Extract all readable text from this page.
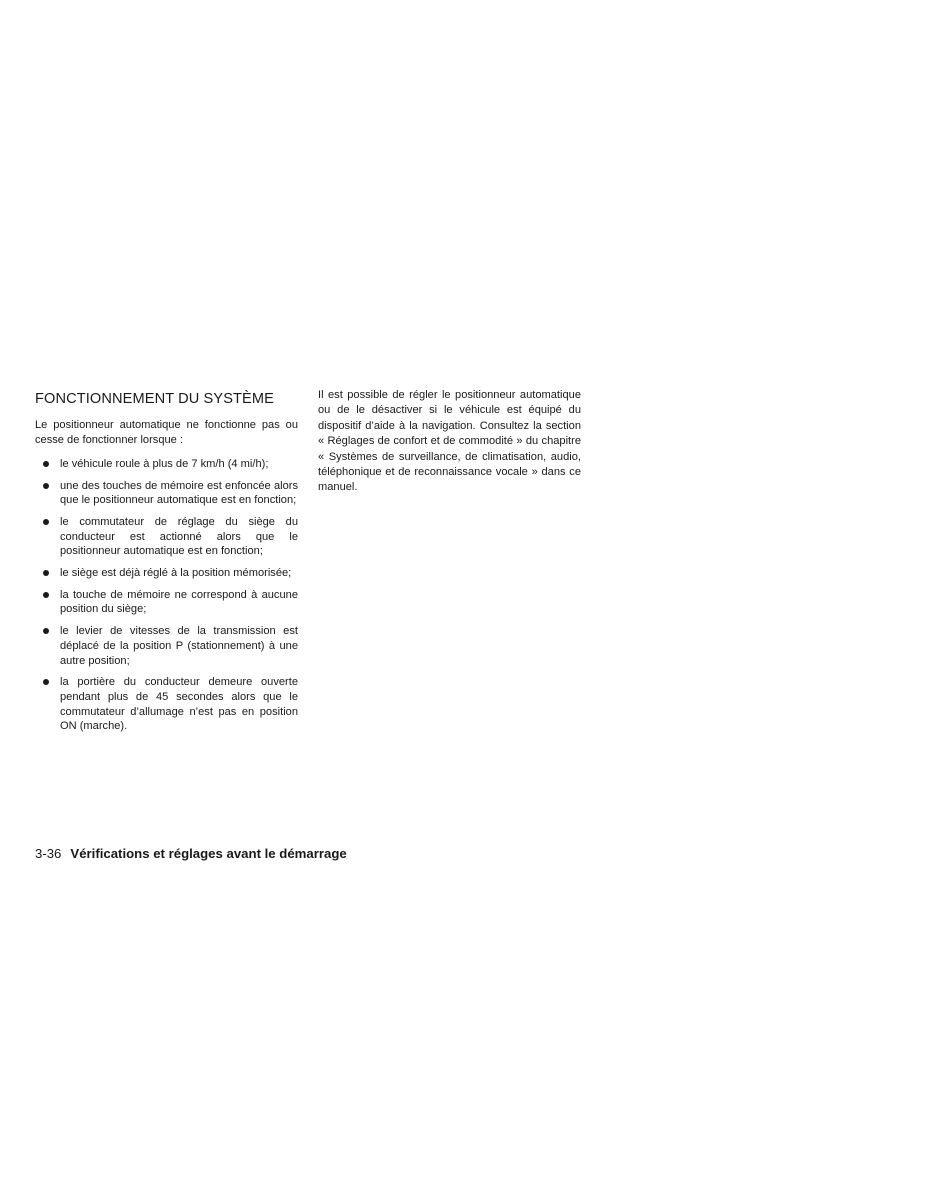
FONCTIONNEMENT DU SYSTÈME

Le positionneur automatique ne fonctionne pas ou cesse de fonctionner lorsque :

le véhicule roule à plus de 7 km/h (4 mi/h);
une des touches de mémoire est enfoncée alors que le positionneur automatique est en fonction;
le commutateur de réglage du siège du conducteur est actionné alors que le positionneur automatique est en fonction;
le siège est déjà réglé à la position mémorisée;
la touche de mémoire ne correspond à aucune position du siège;
le levier de vitesses de la transmission est déplacé de la position P (stationnement) à une autre position;
la portière du conducteur demeure ouverte pendant plus de 45 secondes alors que le commutateur d’allumage n’est pas en position ON (marche).

Il est possible de régler le positionneur automatique ou de le désactiver si le véhicule est équipé du dispositif d’aide à la navigation. Consultez la section « Réglages de confort et de commodité » du chapitre « Systèmes de surveillance, de climatisation, audio, téléphonique et de reconnaissance vocale » dans ce manuel.

3-36 Vérifications et réglages avant le démarrage
